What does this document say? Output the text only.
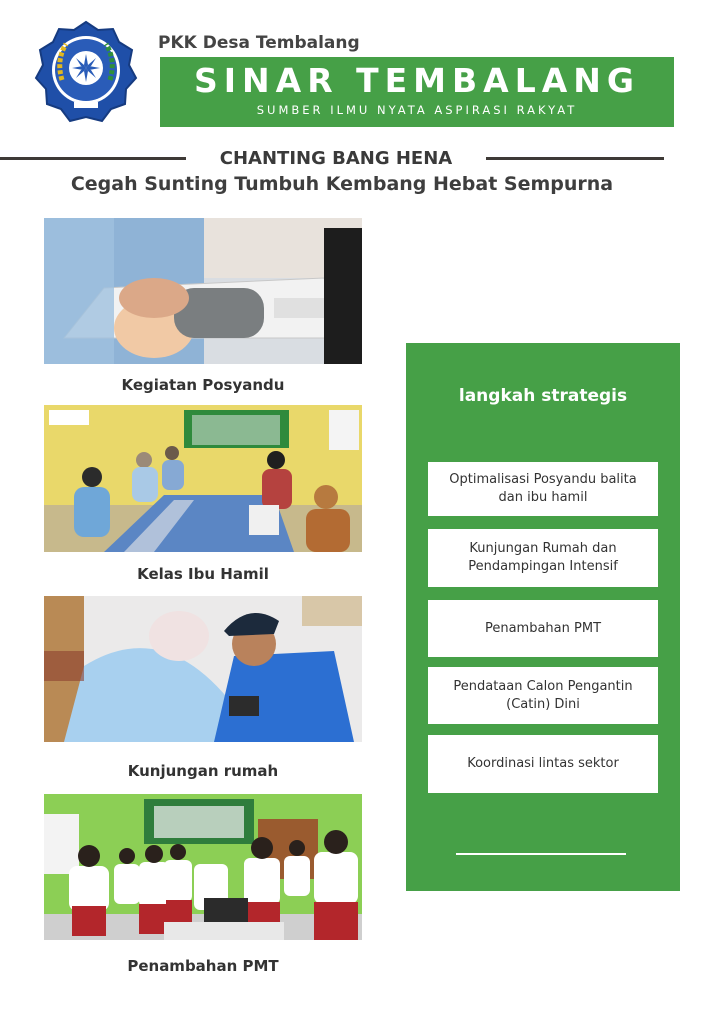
PKK Desa Tembalang
SINAR TEMBALANG
SUMBER ILMU NYATA ASPIRASI RAKYAT
CHANTING BANG HENA
Cegah Sunting Tumbuh Kembang Hebat Sempurna
Kegiatan Posyandu
Kelas Ibu Hamil
Kunjungan rumah
Penambahan PMT
langkah strategis
Optimalisasi Posyandu balita dan ibu hamil
Kunjungan Rumah dan Pendampingan Intensif
Penambahan PMT
Pendataan Calon Pengantin (Catin) Dini
Koordinasi lintas sektor
